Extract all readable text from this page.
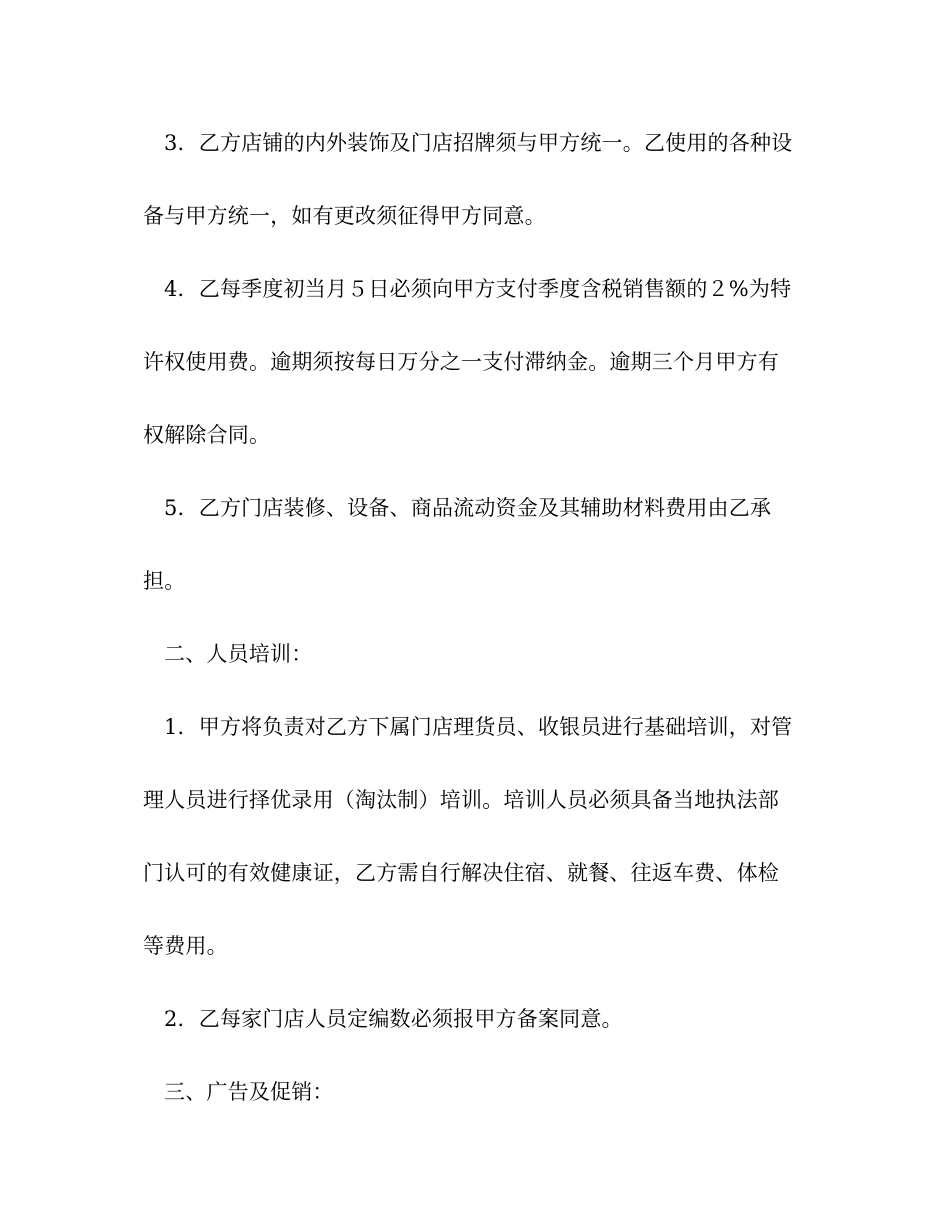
3．乙方店铺的内外装饰及门店招牌须与甲方统一。乙使用的各种设
备与甲方统一，如有更改须征得甲方同意。
4．乙每季度初当月５日必须向甲方支付季度含税销售额的２%为特
许权使用费。逾期须按每日万分之一支付滞纳金。逾期三个月甲方有
权解除合同。
5．乙方门店装修、设备、商品流动资金及其辅助材料费用由乙承
担。
二、人员培训：
1．甲方将负责对乙方下属门店理货员、收银员进行基础培训，对管
理人员进行择优录用（淘汰制）培训。培训人员必须具备当地执法部
门认可的有效健康证，乙方需自行解决住宿、就餐、往返车费、体检
等费用。
2．乙每家门店人员定编数必须报甲方备案同意。
三、广告及促销：
